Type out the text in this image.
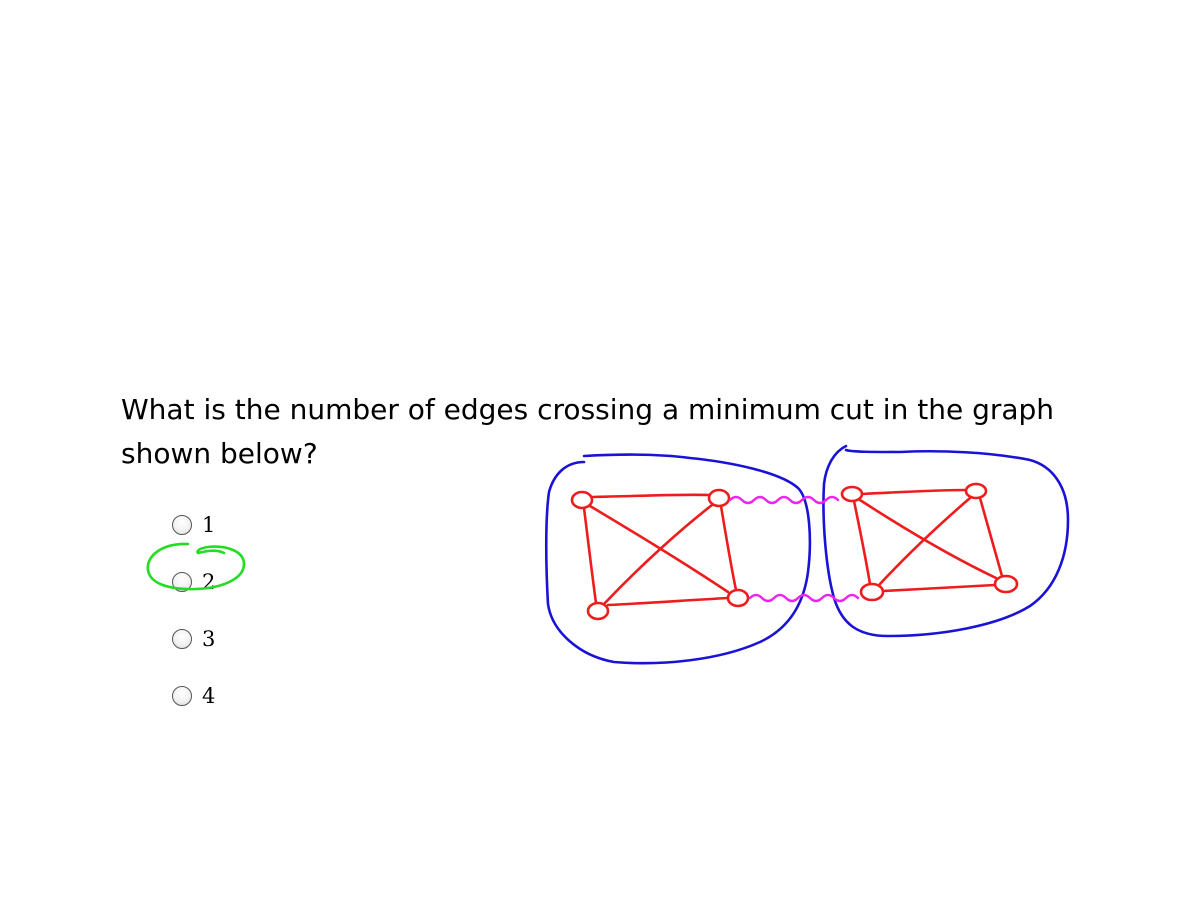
What is the number of edges crossing a minimum cut in the graph shown below?

1
2
3
4
